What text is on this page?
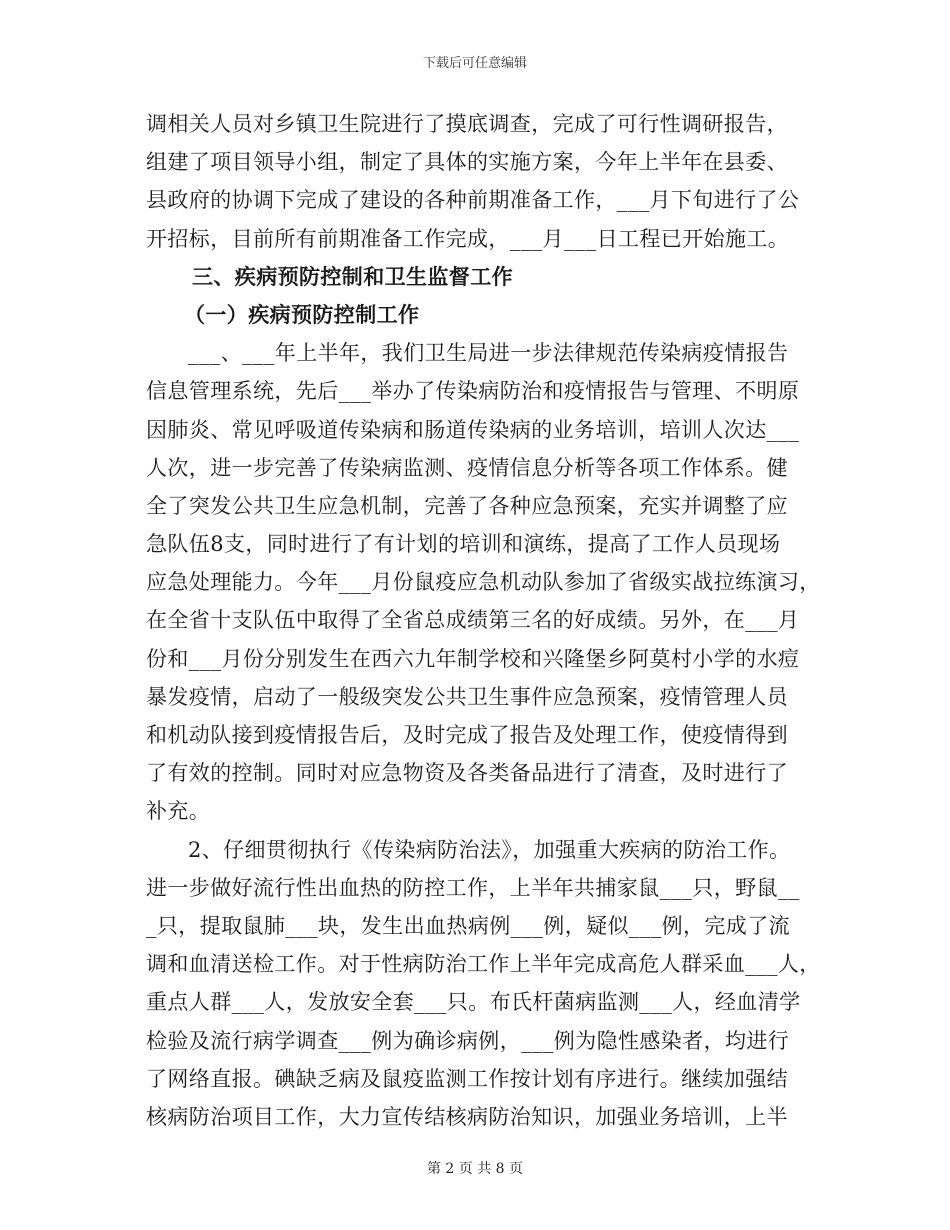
下载后可任意编辑
调相关人员对乡镇卫生院进行了摸底调查，完成了可行性调研报告，
组建了项目领导小组，制定了具体的实施方案，今年上半年在县委、
县政府的协调下完成了建设的各种前期准备工作，___月下旬进行了公
开招标，目前所有前期准备工作完成，___月___日工程已开始施工。
三、疾病预防控制和卫生监督工作
（一）疾病预防控制工作
___、___年上半年，我们卫生局进一步法律规范传染病疫情报告
信息管理系统，先后___举办了传染病防治和疫情报告与管理、不明原
因肺炎、常见呼吸道传染病和肠道传染病的业务培训，培训人次达___
人次，进一步完善了传染病监测、疫情信息分析等各项工作体系。健
全了突发公共卫生应急机制，完善了各种应急预案，充实并调整了应
急队伍8支，同时进行了有计划的培训和演练，提高了工作人员现场
应急处理能力。今年___月份鼠疫应急机动队参加了省级实战拉练演习，
在全省十支队伍中取得了全省总成绩第三名的好成绩。另外，在___月
份和___月份分别发生在西六九年制学校和兴隆堡乡阿莫村小学的水痘
暴发疫情，启动了一般级突发公共卫生事件应急预案，疫情管理人员
和机动队接到疫情报告后，及时完成了报告及处理工作，使疫情得到
了有效的控制。同时对应急物资及各类备品进行了清查，及时进行了
补充。
2、仔细贯彻执行《传染病防治法》，加强重大疾病的防治工作。
进一步做好流行性出血热的防控工作，上半年共捕家鼠___只，野鼠__
_只，提取鼠肺___块，发生出血热病例___例，疑似___例，完成了流
调和血清送检工作。对于性病防治工作上半年完成高危人群采血___人，
重点人群___人，发放安全套___只。布氏杆菌病监测___人，经血清学
检验及流行病学调查___例为确诊病例，___例为隐性感染者，均进行
了网络直报。碘缺乏病及鼠疫监测工作按计划有序进行。继续加强结
核病防治项目工作，大力宣传结核病防治知识，加强业务培训，上半
第 2 页 共 8 页
